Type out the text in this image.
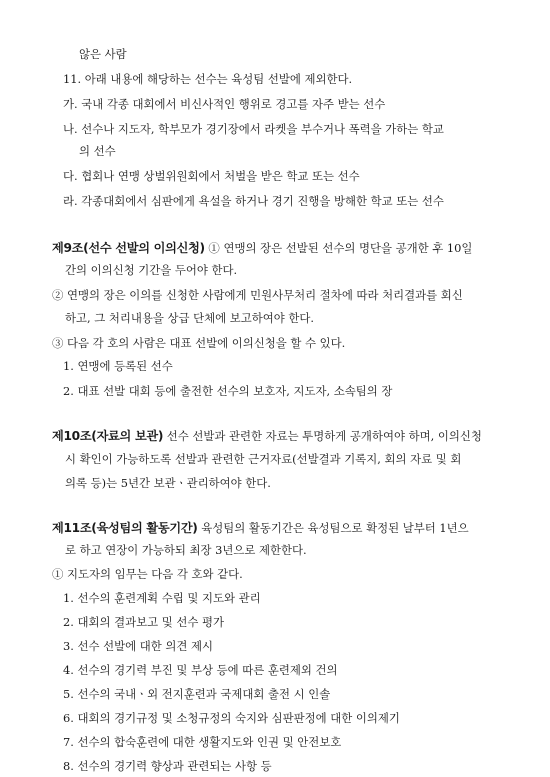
않은 사람

11. 아래 내용에 해당하는 선수는 육성팀 선발에 제외한다.

가. 국내 각종 대회에서 비신사적인 행위로 경고를 자주 받는 선수

나. 선수나 지도자, 학부모가 경기장에서 라켓을 부수거나 폭력을 가하는 학교

의 선수

다. 협회나 연맹 상벌위원회에서 처벌을 받은 학교 또는 선수

라. 각종대회에서 심판에게 욕설을 하거나 경기 진행을 방해한 학교 또는 선수

제9조(선수 선발의 이의신청) ① 연맹의 장은 선발된 선수의 명단을 공개한 후 10일

간의 이의신청 기간을 두어야 한다.

② 연맹의 장은 이의를 신청한 사람에게 민원사무처리 절차에 따라 처리결과를 회신

하고, 그 처리내용을 상급 단체에 보고하여야 한다.

③ 다음 각 호의 사람은 대표 선발에 이의신청을 할 수 있다.

1. 연맹에 등록된 선수

2. 대표 선발 대회 등에 출전한 선수의 보호자, 지도자, 소속팀의 장

제10조(자료의 보관) 선수 선발과 관련한 자료는 투명하게 공개하여야 하며, 이의신청

시 확인이 가능하도록 선발과 관련한 근거자료(선발결과 기록지, 회의 자료 및 회

의록 등)는 5년간 보관ㆍ관리하여야 한다.

제11조(육성팀의 활동기간) 육성팀의 활동기간은 육성팀으로 확정된 날부터 1년으

로 하고 연장이 가능하되 최장 3년으로 제한한다.

① 지도자의 임무는 다음 각 호와 같다.

1. 선수의 훈련계획 수립 및 지도와 관리

2. 대회의 결과보고 및 선수 평가

3. 선수 선발에 대한 의견 제시

4. 선수의 경기력 부진 및 부상 등에 따른 훈련제외 건의

5. 선수의 국내ㆍ외 전지훈련과 국제대회 출전 시 인솔

6. 대회의 경기규정 및 소청규정의 숙지와 심판판정에 대한 이의제기

7. 선수의 합숙훈련에 대한 생활지도와 인권 및 안전보호

8. 선수의 경기력 향상과 관련되는 사항 등
